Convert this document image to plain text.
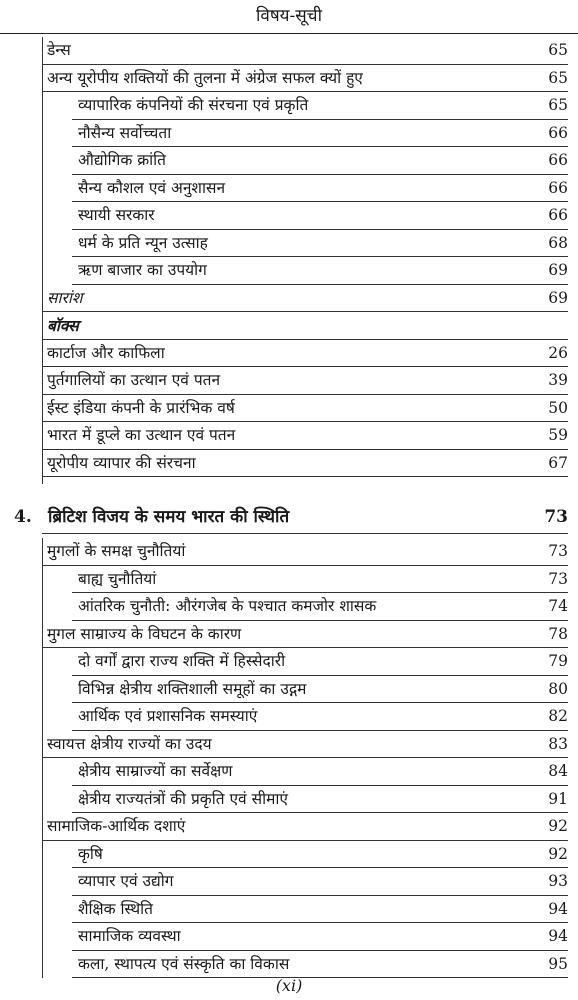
विषय-सूची
डेन्स	65
अन्य यूरोपीय शक्तियों की तुलना में अंग्रेज सफल क्यों हुए	65
व्यापारिक कंपनियों की संरचना एवं प्रकृति	65
नौसैन्य सर्वोच्चता	66
औद्योगिक क्रांति	66
सैन्य कौशल एवं अनुशासन	66
स्थायी सरकार	66
धर्म के प्रति न्यून उत्साह	68
ऋण बाजार का उपयोग	69
सारांश	69
बॉक्स
कार्टाज और काफिला	26
पुर्तगालियों का उत्थान एवं पतन	39
ईस्ट इंडिया कंपनी के प्रारंभिक वर्ष	50
भारत में डूप्ले का उत्थान एवं पतन	59
यूरोपीय व्यापार की संरचना	67
4. ब्रिटिश विजय के समय भारत की स्थिति	73
मुगलों के समक्ष चुनौतियां	73
बाह्य चुनौतियां	73
आंतरिक चुनौती: औरंगजेब के पश्चात कमजोर शासक	74
मुगल साम्राज्य के विघटन के कारण	78
दो वर्गों द्वारा राज्य शक्ति में हिस्सेदारी	79
विभिन्न क्षेत्रीय शक्तिशाली समूहों का उद्गम	80
आर्थिक एवं प्रशासनिक समस्याएं	82
स्वायत्त क्षेत्रीय राज्यों का उदय	83
क्षेत्रीय साम्राज्यों का सर्वेक्षण	84
क्षेत्रीय राज्यतंत्रों की प्रकृति एवं सीमाएं	91
सामाजिक-आर्थिक दशाएं	92
कृषि	92
व्यापार एवं उद्योग	93
शैक्षिक स्थिति	94
सामाजिक व्यवस्था	94
कला, स्थापत्य एवं संस्कृति का विकास	95
(xi)
